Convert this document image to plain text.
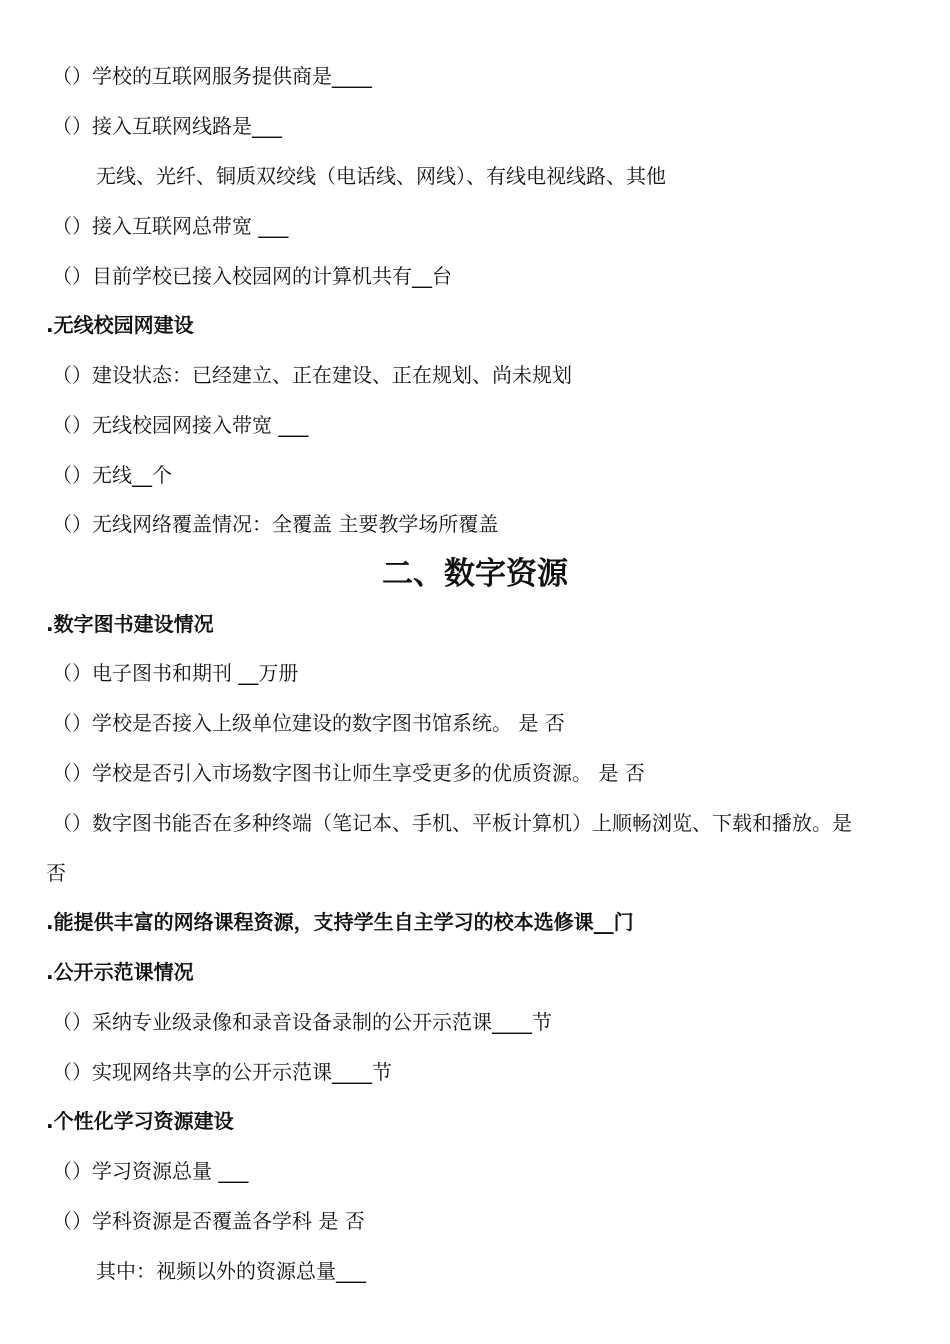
（）学校的互联网服务提供商是____
（）接入互联网线路是___
无线、光纤、铜质双绞线（电话线、网线）、有线电视线路、其他
（）接入互联网总带宽 ___
（）目前学校已接入校园网的计算机共有__台
.无线校园网建设
（）建设状态：已经建立、正在建设、正在规划、尚未规划
（）无线校园网接入带宽 ___
（）无线__个
（）无线网络覆盖情况：全覆盖 主要教学场所覆盖
二、数字资源
.数字图书建设情况
（）电子图书和期刊 __万册
（）学校是否接入上级单位建设的数字图书馆系统。 是 否
（）学校是否引入市场数字图书让师生享受更多的优质资源。 是 否
（）数字图书能否在多种终端（笔记本、手机、平板计算机）上顺畅浏览、下载和播放。是
否
.能提供丰富的网络课程资源，支持学生自主学习的校本选修课__门
.公开示范课情况
（）采纳专业级录像和录音设备录制的公开示范课____节
（）实现网络共享的公开示范课____节
.个性化学习资源建设
（）学习资源总量 ___
（）学科资源是否覆盖各学科 是 否
其中：视频以外的资源总量___
